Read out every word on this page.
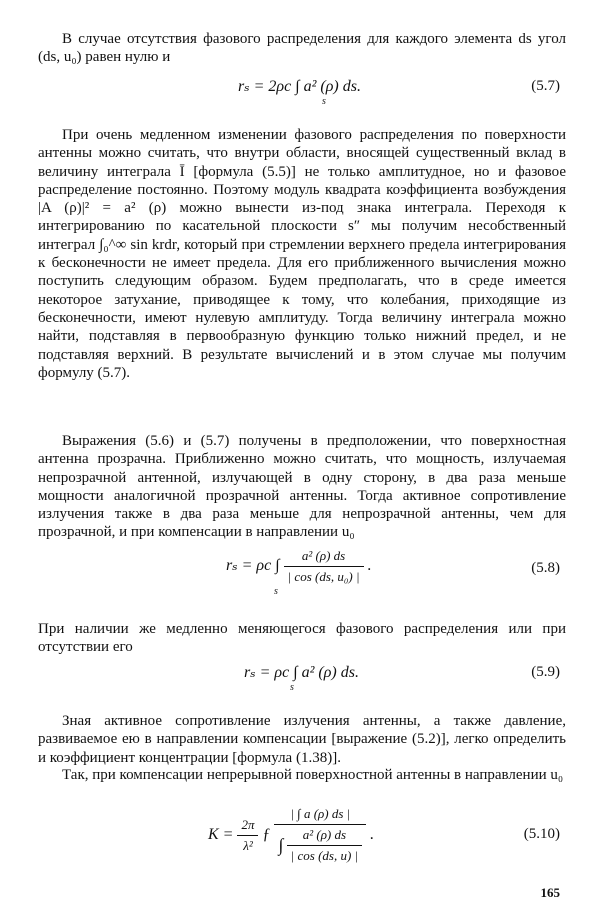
В случае отсутствия фазового распределения для каждого элемента ds угол (ds, u₀) равен нулю и

rₛ = 2ρc ∫ a² (ρ) ds.
s
(5.7)

При очень медленном изменении фазового распределения по поверхности антенны можно считать, что внутри области, вносящей существенный вклад в величину интеграла Ī [формула (5.5)] не только амплитудное, но и фазовое распределение постоянно. Поэтому модуль квадрата коэффициента возбуждения |A (ρ)|² = a² (ρ) можно вынести из-под знака интеграла. Переходя к интегрированию по касательной плоскости s″ мы получим несобственный интеграл ∫₀^∞ sin krdr, который при стремлении верхнего предела интегрирования к бесконечности не имеет предела. Для его приближенного вычисления можно поступить следующим образом. Будем предполагать, что в среде имеется некоторое затухание, приводящее к тому, что колебания, приходящие из бесконечности, имеют нулевую амплитуду. Тогда величину интеграла можно найти, подставляя в первообразную функцию только нижний предел, и не подставляя верхний. В результате вычислений и в этом случае мы получим формулу (5.7).

Выражения (5.6) и (5.7) получены в предположении, что поверхностная антенна прозрачна. Приближенно можно считать, что мощность, излучаемая непрозрачной антенной, излучающей в одну сторону, в два раза меньше мощности аналогичной прозрачной антенны. Тогда активное сопротивление излучения также в два раза меньше для непрозрачной антенны, чем для прозрачной, и при компенсации в направлении u₀

rₛ = ρc ∫ $\frac{\text{a² (ρ) ds}}{\text{| cos (ds, u₀) |}}$ .
s
(5.8)

При наличии же медленно меняющегося фазового распределения или при отсутствии его

rₛ = ρc ∫ a² (ρ) ds.
s
(5.9)

Зная активное сопротивление излучения антенны, а также давление, развиваемое ею в направлении компенсации [выражение (5.2)], легко определить и коэффициент концентрации [формула (1.38)].

Так, при компенсации непрерывной поверхностной антенны в направлении u₀

$K = \frac{2\pi}{\text{λ²}}$ ƒ $\frac{| \int a (\rho) ds |}{\int \frac{\text{a² (ρ) ds}}{| \cos (ds, u) |}}$ .	(5.10)
165
